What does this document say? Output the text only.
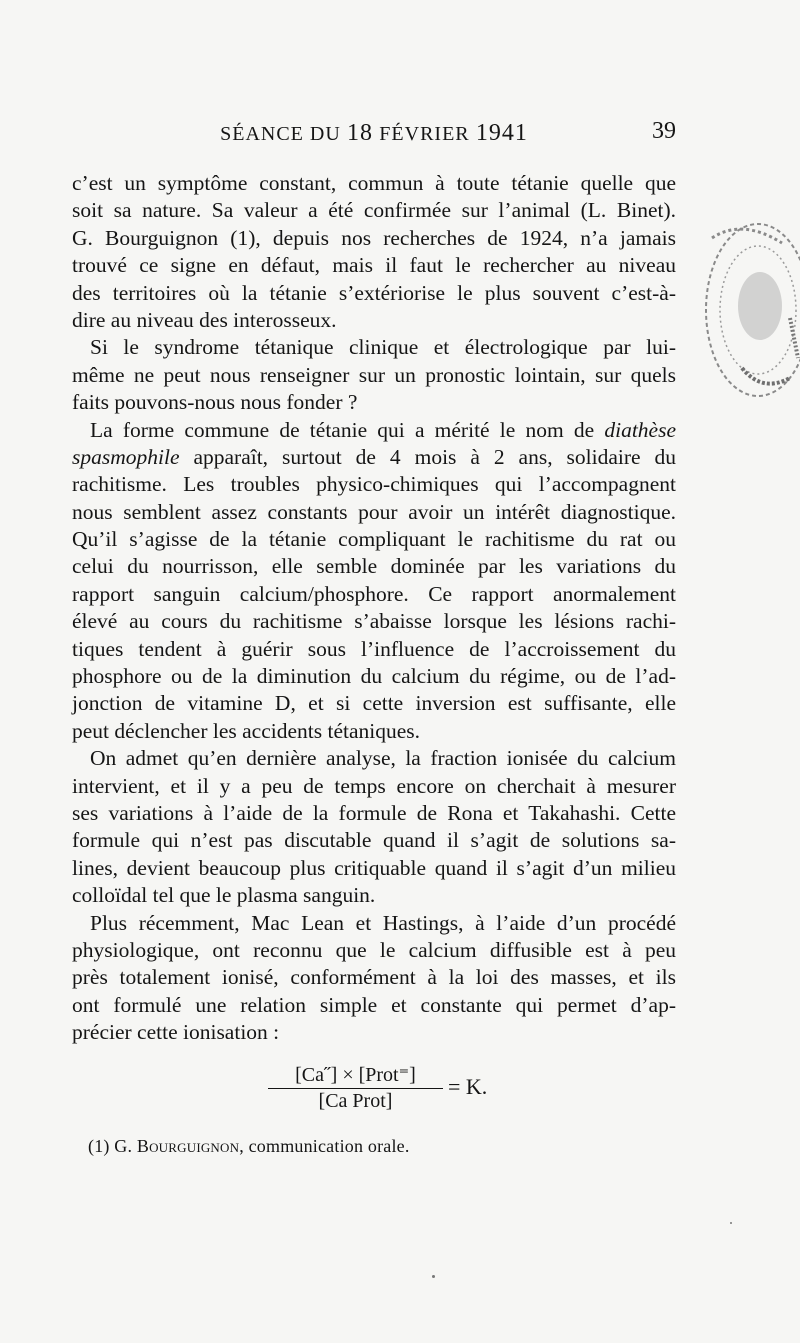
SÉANCE DU 18 FÉVRIER 1941	39
c’est un symptôme constant, commun à toute tétanie quelle que
soit sa nature. Sa valeur a été confirmée sur l’animal (L. Binet).
G. Bourguignon (1), depuis nos recherches de 1924, n’a jamais
trouvé ce signe en défaut, mais il faut le rechercher au niveau
des territoires où la tétanie s’extériorise le plus souvent c’est-à-
dire au niveau des interosseux.
Si le syndrome tétanique clinique et électrologique par lui-
même ne peut nous renseigner sur un pronostic lointain, sur quels
faits pouvons-nous nous fonder ?
La forme commune de tétanie qui a mérité le nom de diathèse
spasmophile apparaît, surtout de 4 mois à 2 ans, solidaire du
rachitisme. Les troubles physico-chimiques qui l’accompagnent
nous semblent assez constants pour avoir un intérêt diagnostique.
Qu’il s’agisse de la tétanie compliquant le rachitisme du rat ou
celui du nourrisson, elle semble dominée par les variations du
rapport sanguin calcium/phosphore. Ce rapport anormalement
élevé au cours du rachitisme s’abaisse lorsque les lésions rachi-
tiques tendent à guérir sous l’influence de l’accroissement du
phosphore ou de la diminution du calcium du régime, ou de l’ad-
jonction de vitamine D, et si cette inversion est suffisante, elle
peut déclencher les accidents tétaniques.
On admet qu’en dernière analyse, la fraction ionisée du calcium
intervient, et il y a peu de temps encore on cherchait à mesurer
ses variations à l’aide de la formule de Rona et Takahashi. Cette
formule qui n’est pas discutable quand il s’agit de solutions sa-
lines, devient beaucoup plus critiquable quand il s’agit d’un milieu
colloïdal tel que le plasma sanguin.
Plus récemment, Mac Lean et Hastings, à l’aide d’un procédé
physiologique, ont reconnu que le calcium diffusible est à peu
près totalement ionisé, conformément à la loi des masses, et ils
ont formulé une relation simple et constante qui permet d’ap-
précier cette ionisation :
[Ca˝] × [Prot⁼]
[Ca Prot]
= K.
(1) G. Bourguignon, communication orale.
